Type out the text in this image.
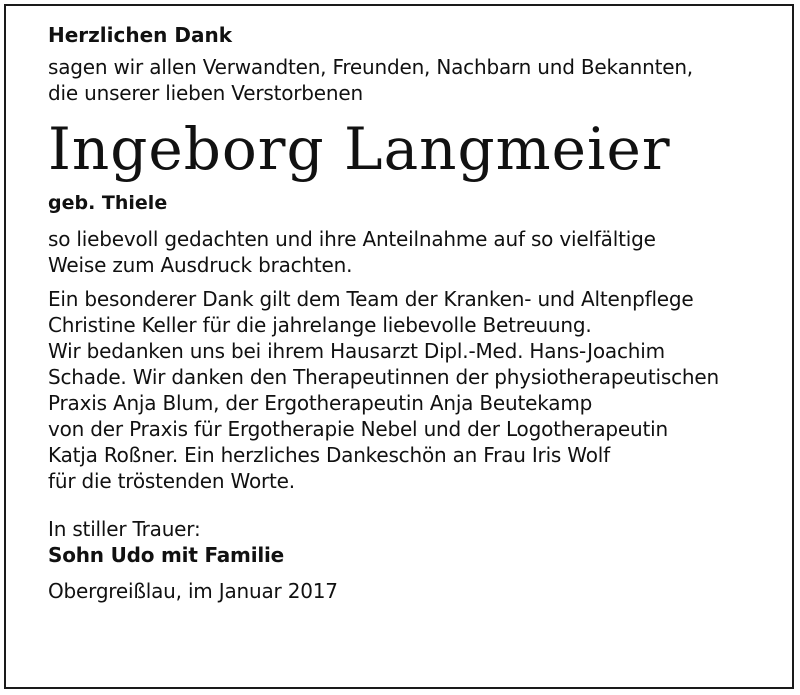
Herzlichen Dank

sagen wir allen Verwandten, Freunden, Nachbarn und Bekannten,

die unserer lieben Verstorbenen

Ingeborg Langmeier
geb. Thiele

so liebevoll gedachten und ihre Anteilnahme auf so vielfältige

Weise zum Ausdruck brachten.

Ein besonderer Dank gilt dem Team der Kranken- und Altenpflege

Christine Keller für die jahrelange liebevolle Betreuung.

Wir bedanken uns bei ihrem Hausarzt Dipl.-Med. Hans-Joachim

Schade. Wir danken den Therapeutinnen der physiotherapeutischen

Praxis Anja Blum, der Ergotherapeutin Anja Beutekamp

von der Praxis für Ergotherapie Nebel und der Logotherapeutin

Katja Roßner. Ein herzliches Dankeschön an Frau Iris Wolf

für die tröstenden Worte.

In stiller Trauer:

Sohn Udo mit Familie

Obergreißlau, im Januar 2017
